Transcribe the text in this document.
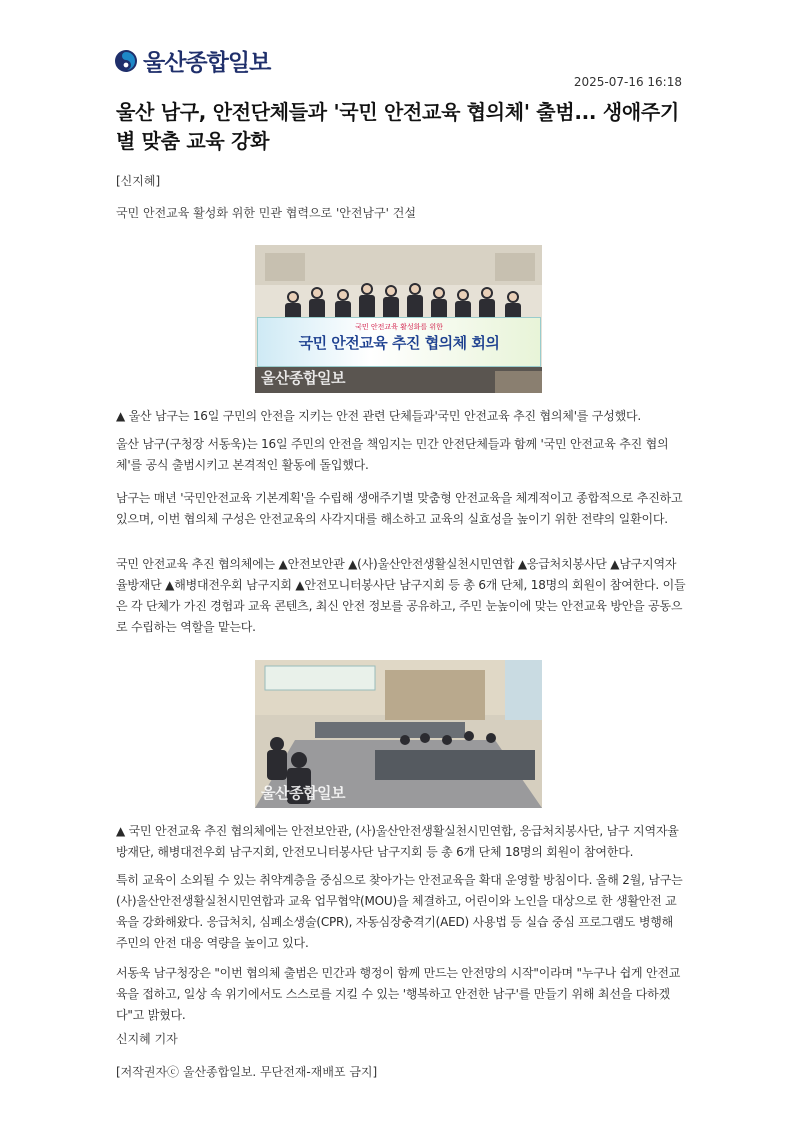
울산종합일보
2025-07-16 16:18
울산 남구, 안전단체들과 '국민 안전교육 협의체' 출범... 생애주기별 맞춤 교육 강화
[신지혜]
국민 안전교육 활성화 위한 민관 협력으로 '안전남구' 건설
국민 안전교육 활성화를 위한
국민 안전교육 추진 협의체 회의
울산종합일보

▲ 울산 남구는 16일 구민의 안전을 지키는 안전 관련 단체들과'국민 안전교육 추진 협의체'를 구성했다.

울산 남구(구청장 서동욱)는 16일 주민의 안전을 책임지는 민간 안전단체들과 함께 '국민 안전교육 추진 협의체'를 공식 출범시키고 본격적인 활동에 돌입했다.

남구는 매년 '국민안전교육 기본계획'을 수립해 생애주기별 맞춤형 안전교육을 체계적이고 종합적으로 추진하고 있으며, 이번 협의체 구성은 안전교육의 사각지대를 해소하고 교육의 실효성을 높이기 위한 전략의 일환이다.

국민 안전교육 추진 협의체에는 ▲안전보안관 ▲(사)울산안전생활실천시민연합 ▲응급처치봉사단 ▲남구지역자율방재단 ▲해병대전우회 남구지회 ▲안전모니터봉사단 남구지회 등 총 6개 단체, 18명의 회원이 참여한다. 이들은 각 단체가 가진 경험과 교육 콘텐츠, 최신 안전 정보를 공유하고, 주민 눈높이에 맞는 안전교육 방안을 공동으로 수립하는 역할을 맡는다.

울산종합일보

▲ 국민 안전교육 추진 협의체에는 안전보안관, (사)울산안전생활실천시민연합, 응급처치봉사단, 남구 지역자율방재단, 해병대전우회 남구지회, 안전모니터봉사단 남구지회 등 총 6개 단체 18명의 회원이 참여한다.

특히 교육이 소외될 수 있는 취약계층을 중심으로 찾아가는 안전교육을 확대 운영할 방침이다. 올해 2월, 남구는 (사)울산안전생활실천시민연합과 교육 업무협약(MOU)을 체결하고, 어린이와 노인을 대상으로 한 생활안전 교육을 강화해왔다. 응급처치, 심폐소생술(CPR), 자동심장충격기(AED) 사용법 등 실습 중심 프로그램도 병행해 주민의 안전 대응 역량을 높이고 있다.

서동욱 남구청장은 "이번 협의체 출범은 민간과 행정이 함께 만드는 안전망의 시작"이라며 "누구나 쉽게 안전교육을 접하고, 일상 속 위기에서도 스스로를 지킬 수 있는 '행복하고 안전한 남구'를 만들기 위해 최선을 다하겠다"고 밝혔다.

신지혜 기자
[저작권자ⓒ 울산종합일보. 무단전재-재배포 금지]
